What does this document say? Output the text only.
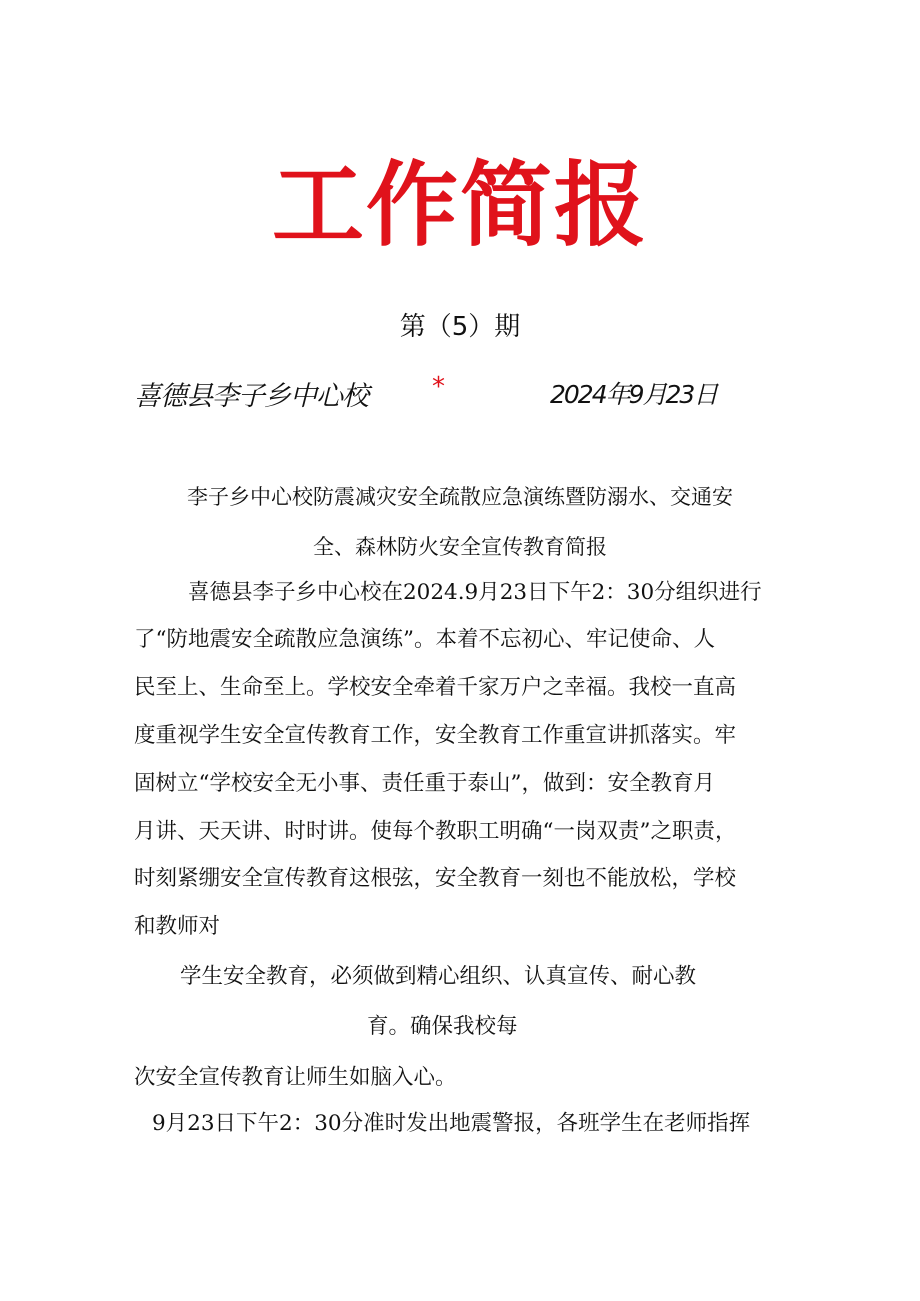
工作简报
第（5）期
喜德县李子乡中心校 *	2024年9月23日
李子乡中心校防震减灾安全疏散应急演练暨防溺水、交通安
全、森林防火安全宣传教育简报
喜德县李子乡中心校在2024.9月23日下午2：30分组织进行
了“防地震安全疏散应急演练”。本着不忘初心、牢记使命、人
民至上、生命至上。学校安全牵着千家万户之幸福。我校一直高
度重视学生安全宣传教育工作，安全教育工作重宣讲抓落实。牢
固树立“学校安全无小事、责任重于泰山”，做到：安全教育月
月讲、天天讲、时时讲。使每个教职工明确“一岗双责”之职责，
时刻紧绷安全宣传教育这根弦，安全教育一刻也不能放松，学校
和教师对
学生安全教育，必须做到精心组织、认真宣传、耐心教
育。确保我校每
次安全宣传教育让师生如脑入心。
9月23日下午2：30分准时发出地震警报，各班学生在老师指挥
